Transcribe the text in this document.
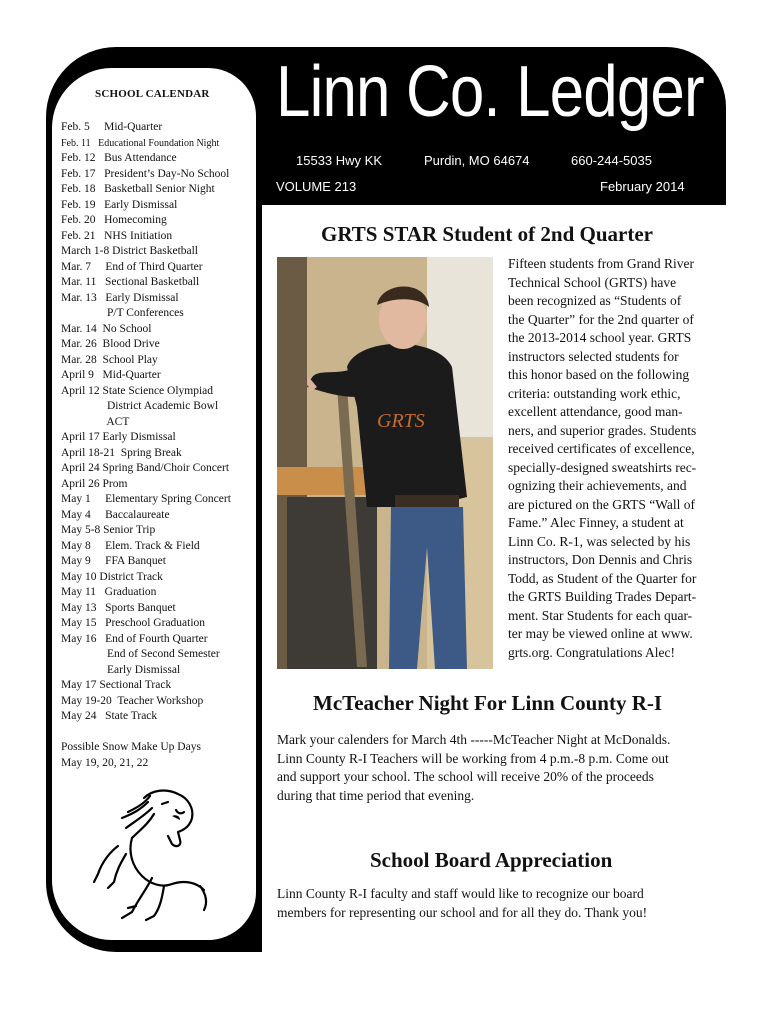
Linn Co. Ledger
15533 Hwy KK	Purdin, MO 64674	660-244-5035
VOLUME 213	February 2014
SCHOOL CALENDAR
Feb. 5     Mid-Quarter
Feb. 11   Educational Foundation Night
Feb. 12   Bus Attendance
Feb. 17   President’s Day-No School
Feb. 18   Basketball Senior Night
Feb. 19   Early Dismissal
Feb. 20   Homecoming
Feb. 21   NHS Initiation
March 1-8 District Basketball
Mar. 7     End of Third Quarter
Mar. 11   Sectional Basketball
Mar. 13   Early Dismissal
P/T Conferences
Mar. 14  No School
Mar. 26  Blood Drive
Mar. 28  School Play
April 9   Mid-Quarter
April 12 State Science Olympiad
District Academic Bowl
ACT
April 17 Early Dismissal
April 18-21  Spring Break
April 24 Spring Band/Choir Concert
April 26 Prom
May 1     Elementary Spring Concert
May 4     Baccalaureate
May 5-8 Senior Trip
May 8     Elem. Track & Field
May 9     FFA Banquet
May 10 District Track
May 11   Graduation
May 13   Sports Banquet
May 15   Preschool Graduation
May 16   End of Fourth Quarter
End of Second Semester
Early Dismissal
May 17 Sectional Track
May 19-20  Teacher Workshop
May 24   State Track
Possible Snow Make Up Days
May 19, 20, 21, 22
GRTS STAR Student of 2nd Quarter
GRTS
Fifteen students from Grand River
Technical School (GRTS) have
been recognized as “Students of
the Quarter” for the 2nd quarter of
the 2013-2014 school year. GRTS
instructors selected students for
this honor based on the following
criteria: outstanding work ethic,
excellent attendance, good man-
ners, and superior grades. Students
received certificates of excellence,
specially-designed sweatshirts rec-
ognizing their achievements, and
are pictured on the GRTS “Wall of
Fame.” Alec Finney, a student at
Linn Co. R-1, was selected by his
instructors, Don Dennis and Chris
Todd, as Student of the Quarter for
the GRTS Building Trades Depart-
ment. Star Students for each quar-
ter may be viewed online at www.
grts.org. Congratulations Alec!
McTeacher Night For Linn County R-I
Mark your calenders for March 4th -----McTeacher Night at McDonalds.
Linn County R-I Teachers will be working from 4 p.m.-8 p.m. Come out
and support your school. The school will receive 20% of the proceeds
during that time period that evening.
School Board Appreciation
Linn County R-I faculty and staff would like to recognize our board
members for representing our school and for all they do. Thank you!
